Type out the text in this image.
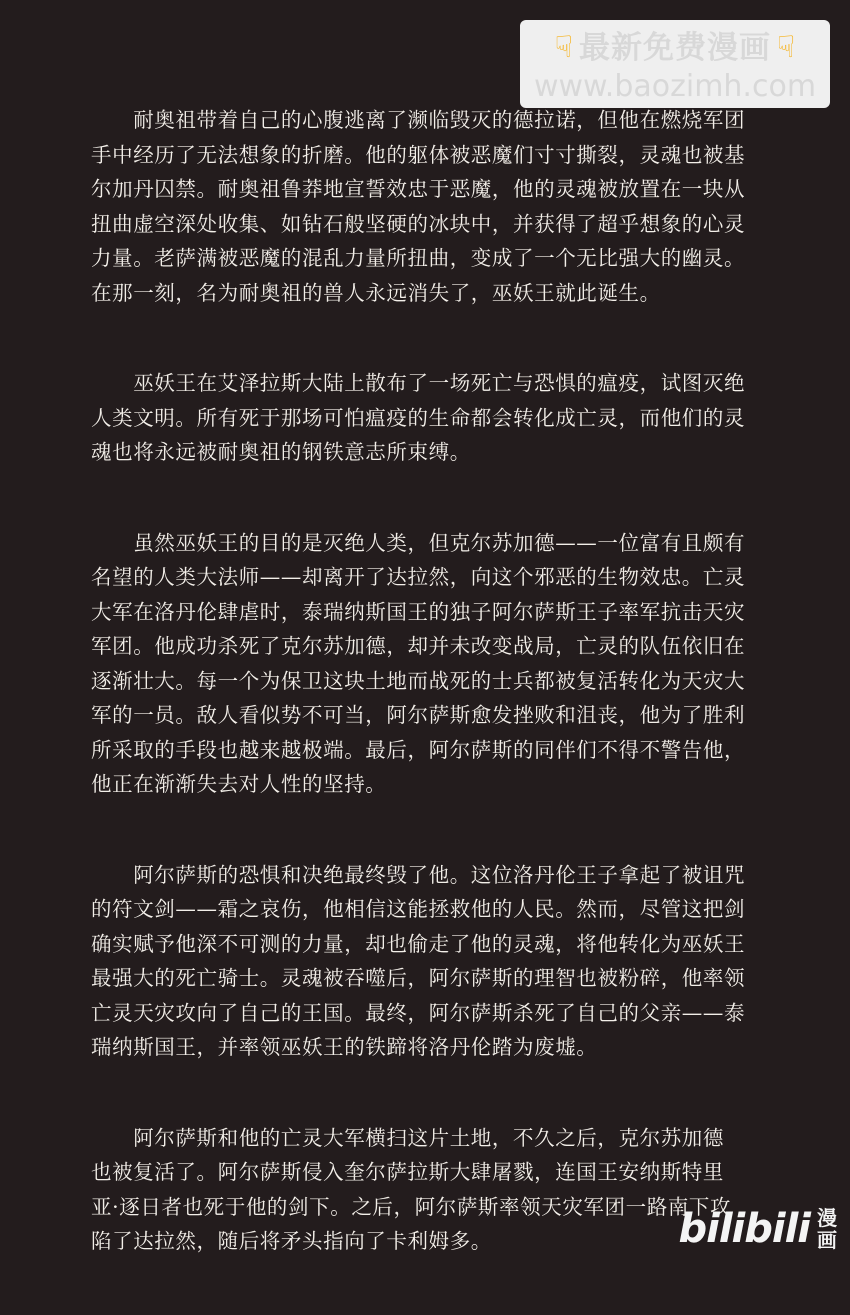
☟ 最新免费漫画 ☟
www.baozimh.com
　　耐奥祖带着自己的心腹逃离了濒临毁灭的德拉诺，但他在燃烧军团
手中经历了无法想象的折磨。他的躯体被恶魔们寸寸撕裂，灵魂也被基
尔加丹囚禁。耐奥祖鲁莽地宣誓效忠于恶魔，他的灵魂被放置在一块从
扭曲虚空深处收集、如钻石般坚硬的冰块中，并获得了超乎想象的心灵
力量。老萨满被恶魔的混乱力量所扭曲，变成了一个无比强大的幽灵。
在那一刻，名为耐奥祖的兽人永远消失了，巫妖王就此诞生。
　　巫妖王在艾泽拉斯大陆上散布了一场死亡与恐惧的瘟疫，试图灭绝
人类文明。所有死于那场可怕瘟疫的生命都会转化成亡灵，而他们的灵
魂也将永远被耐奥祖的钢铁意志所束缚。
　　虽然巫妖王的目的是灭绝人类，但克尔苏加德——一位富有且颇有
名望的人类大法师——却离开了达拉然，向这个邪恶的生物效忠。亡灵
大军在洛丹伦肆虐时，泰瑞纳斯国王的独子阿尔萨斯王子率军抗击天灾
军团。他成功杀死了克尔苏加德，却并未改变战局，亡灵的队伍依旧在
逐渐壮大。每一个为保卫这块土地而战死的士兵都被复活转化为天灾大
军的一员。敌人看似势不可当，阿尔萨斯愈发挫败和沮丧，他为了胜利
所采取的手段也越来越极端。最后，阿尔萨斯的同伴们不得不警告他，
他正在渐渐失去对人性的坚持。
　　阿尔萨斯的恐惧和决绝最终毁了他。这位洛丹伦王子拿起了被诅咒
的符文剑——霜之哀伤，他相信这能拯救他的人民。然而，尽管这把剑
确实赋予他深不可测的力量，却也偷走了他的灵魂，将他转化为巫妖王
最强大的死亡骑士。灵魂被吞噬后，阿尔萨斯的理智也被粉碎，他率领
亡灵天灾攻向了自己的王国。最终，阿尔萨斯杀死了自己的父亲——泰
瑞纳斯国王，并率领巫妖王的铁蹄将洛丹伦踏为废墟。
　　阿尔萨斯和他的亡灵大军横扫这片土地，不久之后，克尔苏加德
也被复活了。阿尔萨斯侵入奎尔萨拉斯大肆屠戮，连国王安纳斯特里
亚·逐日者也死于他的剑下。之后，阿尔萨斯率领天灾军团一路南下攻
陷了达拉然，随后将矛头指向了卡利姆多。	bilibili 漫画
